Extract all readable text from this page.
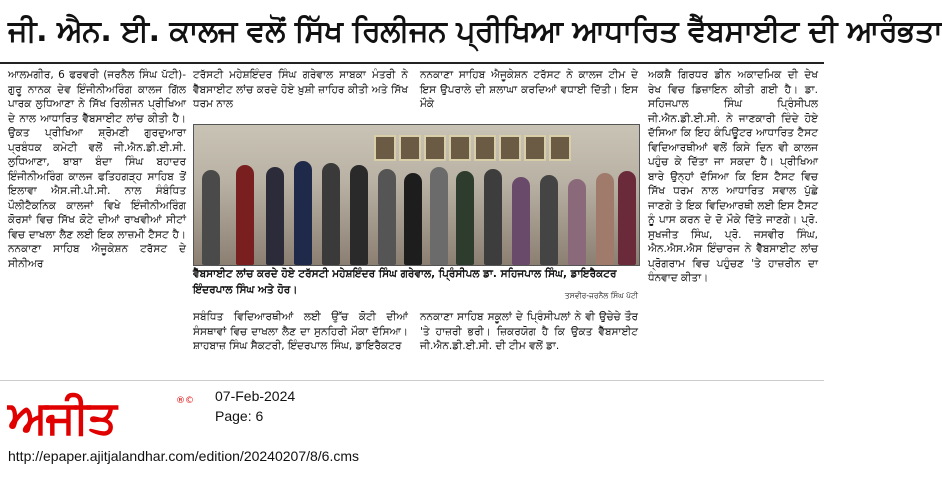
ਜੀ. ਐਨ. ਈ. ਕਾਲਜ ਵਲੋਂ ਸਿੱਖ ਰਿਲੀਜਨ ਪ੍ਰੀਖਿਆ ਆਧਾਰਿਤ ਵੈੱਬਸਾਈਟ ਦੀ ਆਰੰਭਤਾ

ਆਲਮਗੀਰ, 6 ਫਰਵਰੀ (ਜਰਨੈਲ ਸਿੰਘ ਪੱਟੀ)-ਗੁਰੂ ਨਾਨਕ ਦੇਵ ਇੰਜੀਨੀਅਰਿੰਗ ਕਾਲਜ ਗਿੱਲ ਪਾਰਕ ਲੁਧਿਆਣਾ ਨੇ ਸਿੱਖ ਰਿਲੀਜਨ ਪ੍ਰੀਖਿਆ ਦੇ ਨਾਲ ਆਧਾਰਿਤ ਵੈੱਬਸਾਈਟ ਲਾਂਚ ਕੀਤੀ ਹੈ। ਉਕਤ ਪ੍ਰੀਖਿਆ ਸ਼੍ਰੋਮਣੀ ਗੁਰਦੁਆਰਾ ਪ੍ਰਬੰਧਕ ਕਮੇਟੀ ਵਲੋਂ ਜੀ.ਐਨ.ਡੀ.ਈ.ਸੀ. ਲੁਧਿਆਣਾ, ਬਾਬਾ ਬੰਦਾ ਸਿੰਘ ਬਹਾਦਰ ਇੰਜੀਨੀਅਰਿੰਗ ਕਾਲਜ ਫਤਿਹਗੜ੍ਹ ਸਾਹਿਬ ਤੋਂ ਇਲਾਵਾ ਐਸ.ਜੀ.ਪੀ.ਸੀ. ਨਾਲ ਸੰਬੰਧਿਤ ਪੌਲੀਟੈਕਨਿਕ ਕਾਲਜਾਂ ਵਿਖੇ ਇੰਜੀਨੀਅਰਿੰਗ ਕੋਰਸਾਂ ਵਿਚ ਸਿੱਖ ਕੋਟੇ ਦੀਆਂ ਰਾਖਵੀਆਂ ਸੀਟਾਂ ਵਿਚ ਦਾਖਲਾ ਲੈਣ ਲਈ ਇਕ ਲਾਜ਼ਮੀ ਟੈਸਟ ਹੈ। ਨਨਕਾਣਾ ਸਾਹਿਬ ਐਜੂਕੇਸ਼ਨ ਟਰੱਸਟ ਦੇ ਸੀਨੀਅਰ

ਟਰੱਸਟੀ ਮਹੇਸ਼ਇੰਦਰ ਸਿੰਘ ਗਰੇਵਾਲ ਸਾਬਕਾ ਮੰਤਰੀ ਨੇ ਵੈੱਬਸਾਈਟ ਲਾਂਚ ਕਰਦੇ ਹੋਏ ਖ਼ੁਸ਼ੀ ਜ਼ਾਹਿਰ ਕੀਤੀ ਅਤੇ ਸਿੱਖ ਧਰਮ ਨਾਲ

ਨਨਕਾਣਾ ਸਾਹਿਬ ਐਜੂਕੇਸ਼ਨ ਟਰੱਸਟ ਨੇ ਕਾਲਜ ਟੀਮ ਦੇ ਇਸ ਉਪਰਾਲੇ ਦੀ ਸ਼ਲਾਘਾ ਕਰਦਿਆਂ ਵਧਾਈ ਦਿੱਤੀ। ਇਸ ਮੌਕੇ

ਅਕਸ਼ੈ ਗਿਰਧਰ ਡੀਨ ਅਕਾਦਮਿਕ ਦੀ ਦੇਖ ਰੇਖ ਵਿਚ ਡਿਜ਼ਾਇਨ ਕੀਤੀ ਗਈ ਹੈ। ਡਾ. ਸਹਿਜਪਾਲ ਸਿੰਘ ਪ੍ਰਿੰਸੀਪਲ ਜੀ.ਐਨ.ਡੀ.ਈ.ਸੀ. ਨੇ ਜਾਣਕਾਰੀ ਦਿੰਦੇ ਹੋਏ ਦੱਸਿਆ ਕਿ ਇਹ ਕੰਪਿਊਟਰ ਆਧਾਰਿਤ ਟੈਸਟ ਵਿਦਿਆਰਥੀਆਂ ਵਲੋਂ ਕਿਸੇ ਦਿਨ ਵੀ ਕਾਲਜ ਪਹੁੰਚ ਕੇ ਦਿੱਤਾ ਜਾ ਸਕਦਾ ਹੈ। ਪ੍ਰੀਖਿਆ ਬਾਰੇ ਉਨ੍ਹਾਂ ਦੱਸਿਆ ਕਿ ਇਸ ਟੈਸਟ ਵਿਚ ਸਿੱਖ ਧਰਮ ਨਾਲ ਆਧਾਰਿਤ ਸਵਾਲ ਪੁੱਛੇ ਜਾਣਗੇ ਤੇ ਇਕ ਵਿਦਿਆਰਥੀ ਲਈ ਇਸ ਟੈਸਟ ਨੂੰ ਪਾਸ ਕਰਨ ਦੇ ਦੋ ਮੌਕੇ ਦਿੱਤੇ ਜਾਣਗੇ। ਪ੍ਰੋ. ਸੁਖਜੀਤ ਸਿੰਘ, ਪ੍ਰੋ. ਜਸਵੀਰ ਸਿੰਘ, ਐਨ.ਐਸ.ਐਸ ਇੰਚਾਰਜ ਨੇ ਵੈੱਬਸਾਈਟ ਲਾਂਚ ਪ੍ਰੋਗਰਾਮ ਵਿਚ ਪਹੁੰਚਣ 'ਤੇ ਹਾਜ਼ਰੀਨ ਦਾ ਧੰਨਵਾਦ ਕੀਤਾ।

ਵੈੱਬਸਾਈਟ ਲਾਂਚ ਕਰਦੇ ਹੋਏ ਟਰੱਸਟੀ ਮਹੇਸ਼ਇੰਦਰ ਸਿੰਘ ਗਰੇਵਾਲ, ਪ੍ਰਿੰਸੀਪਲ ਡਾ. ਸਹਿਜਪਾਲ ਸਿੰਘ, ਡਾਇਰੈਕਟਰ ਇੰਦਰਪਾਲ ਸਿੰਘ ਅਤੇ ਹੋਰ।	ਤਸਵੀਰ-ਜਰਨੈਲ ਸਿੰਘ ਪੱਟੀ

ਸਬੰਧਿਤ ਵਿਦਿਆਰਥੀਆਂ ਲਈ ਉੱਚ ਕੋਟੀ ਦੀਆਂ ਸੰਸਥਾਵਾਂ ਵਿਚ ਦਾਖਲਾ ਲੈਣ ਦਾ ਸੁਨਹਿਰੀ ਮੌਕਾ ਦੱਸਿਆ। ਸ਼ਾਹਬਾਜ਼ ਸਿੰਘ ਸੈਕਟਰੀ, ਇੰਦਰਪਾਲ ਸਿੰਘ, ਡਾਇਰੈਕਟਰ

ਨਨਕਾਣਾ ਸਾਹਿਬ ਸਕੂਲਾਂ ਦੇ ਪ੍ਰਿੰਸੀਪਲਾਂ ਨੇ ਵੀ ਉਚੇਚੇ ਤੌਰ 'ਤੇ ਹਾਜ਼ਰੀ ਭਰੀ। ਜ਼ਿਕਰਯੋਗ ਹੈ ਕਿ ਉਕਤ ਵੈੱਬਸਾਈਟ ਜੀ.ਐਨ.ਡੀ.ਈ.ਸੀ. ਦੀ ਟੀਮ ਵਲੋਂ ਡਾ.

ਅਜੀਤ	®© 07-Feb-2024
Page: 6
http://epaper.ajitjalandhar.com/edition/20240207/8/6.cms
